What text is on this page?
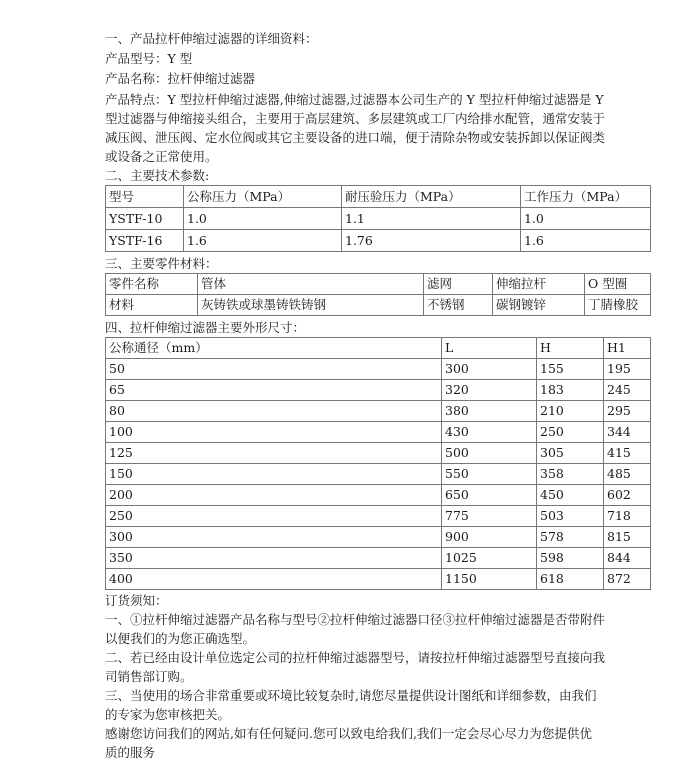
一、产品拉杆伸缩过滤器的详细资料：
产品型号：Y 型
产品名称：拉杆伸缩过滤器
产品特点：Y 型拉杆伸缩过滤器,伸缩过滤器,过滤器本公司生产的 Y 型拉杆伸缩过滤器是 Y
型过滤器与伸缩接头组合，主要用于高层建筑、多层建筑或工厂内给排水配管，通常安装于
减压阀、泄压阀、定水位阀或其它主要设备的进口端，便于清除杂物或安装拆卸以保证阀类
或设备之正常使用。
二、主要技术参数:
型号	公称压力（MPa）	耐压验压力（MPa）	工作压力（MPa）
YSTF-10	1.0	1.1	1.0
YSTF-16	1.6	1.76	1.6
三、主要零件材料：
零件名称	管体	滤网	伸缩拉杆	O 型圈
材料	灰铸铁或球墨铸铁铸钢	不锈钢	碳钢镀锌	丁腈橡胶
四、拉杆伸缩过滤器主要外形尺寸：
公称通径（mm）	L	H	H1
50	300	155	195
65	320	183	245
80	380	210	295
100	430	250	344
125	500	305	415
150	550	358	485
200	650	450	602
250	775	503	718
300	900	578	815
350	1025	598	844
400	1150	618	872
订货须知：
一、①拉杆伸缩过滤器产品名称与型号②拉杆伸缩过滤器口径③拉杆伸缩过滤器是否带附件
以便我们的为您正确选型。
二、若已经由设计单位选定公司的拉杆伸缩过滤器型号，请按拉杆伸缩过滤器型号直接向我
司销售部订购。
三、当使用的场合非常重要或环境比较复杂时,请您尽量提供设计图纸和详细参数，由我们
的专家为您审核把关。
感谢您访问我们的网站,如有任何疑问.您可以致电给我们,我们一定会尽心尽力为您提供优
质的服务
